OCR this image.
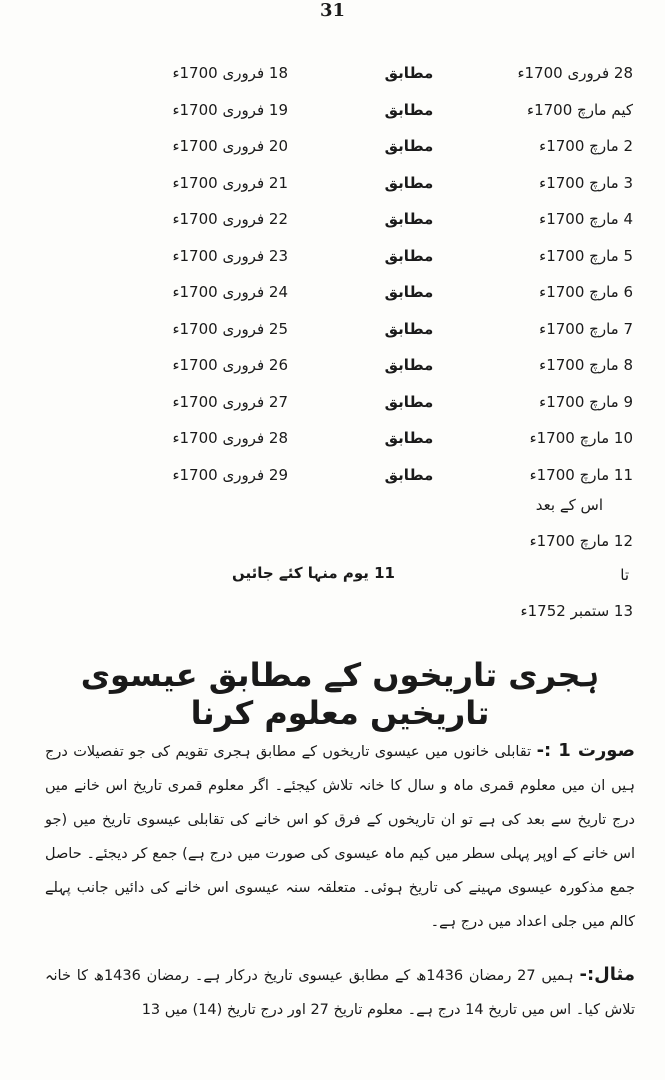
31
28 فروری 1700ء
مطابق
18 فروری 1700ء
کیم مارچ 1700ء
مطابق
19 فروری 1700ء
2 مارچ 1700ء
مطابق
20 فروری 1700ء
3 مارچ 1700ء
مطابق
21 فروری 1700ء
4 مارچ 1700ء
مطابق
22 فروری 1700ء
5 مارچ 1700ء
مطابق
23 فروری 1700ء
6 مارچ 1700ء
مطابق
24 فروری 1700ء
7 مارچ 1700ء
مطابق
25 فروری 1700ء
8 مارچ 1700ء
مطابق
26 فروری 1700ء
9 مارچ 1700ء
مطابق
27 فروری 1700ء
10 مارچ 1700ء
مطابق
28 فروری 1700ء
11 مارچ 1700ء
مطابق
29 فروری 1700ء
اس کے بعد
12 مارچ 1700ء
تا
11 یوم منہا کئے جائیں
13 ستمبر 1752ء
ہجری تاریخوں کے مطابق عیسوی تاریخیں معلوم کرنا

صورت 1 :- تقابلی خانوں میں عیسوی تاریخوں کے مطابق ہجری تقویم کی جو تفصیلات درج ہیں ان میں معلوم قمری ماہ و سال کا خانہ تلاش کیجئے۔ اگر معلوم قمری تاریخ اس خانے میں درج تاریخ سے بعد کی ہے تو ان تاریخوں کے فرق کو اس خانے کی تقابلی عیسوی تاریخ میں (جو اس خانے کے اوپر پہلی سطر میں کیم ماہ عیسوی کی صورت میں درج ہے) جمع کر دیجئے۔ حاصل جمع مذکورہ عیسوی مہینے کی تاریخ ہوئی۔ متعلقہ سنہ عیسوی اس خانے کی دائیں جانب پہلے کالم میں جلی اعداد میں درج ہے۔

مثال:- ہمیں 27 رمضان 1436ھ کے مطابق عیسوی تاریخ درکار ہے۔ رمضان 1436ھ کا خانہ تلاش کیا۔ اس میں تاریخ 14 درج ہے۔ معلوم تاریخ 27 اور درج تاریخ (14) میں 13
